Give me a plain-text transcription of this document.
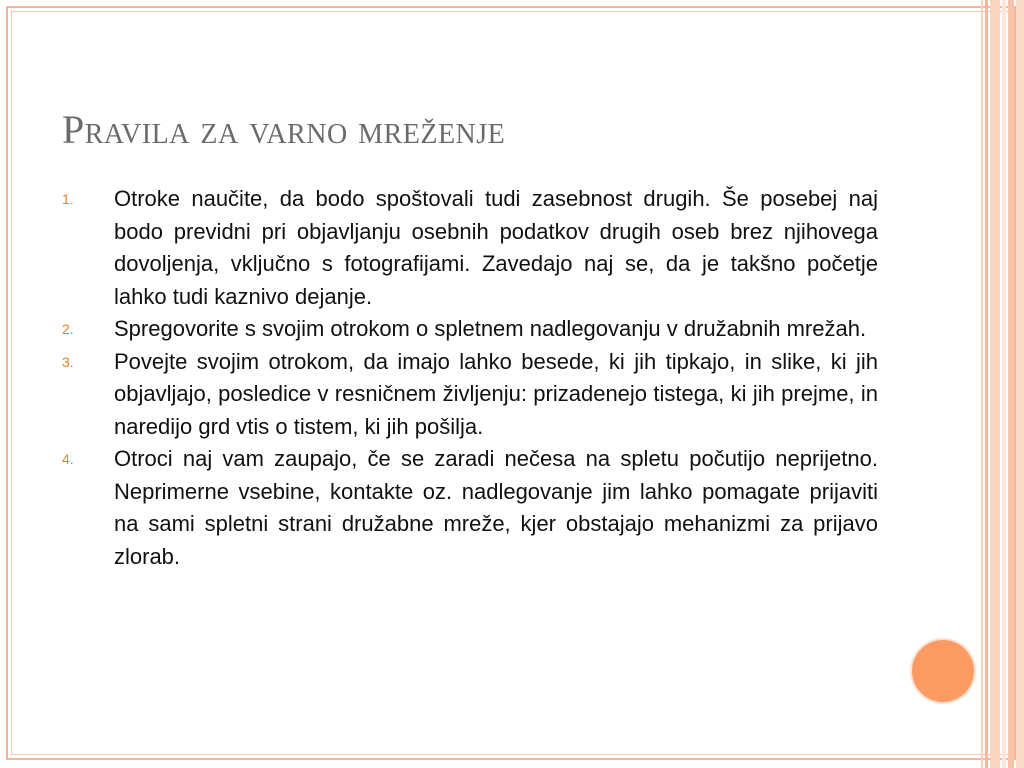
Pravila za varno mreženje
1. Otroke naučite, da bodo spoštovali tudi zasebnost drugih. Še posebej naj bodo previdni pri objavljanju osebnih podatkov drugih oseb brez njihovega dovoljenja, vključno s fotografijami. Zavedajo naj se, da je takšno početje lahko tudi kaznivo dejanje.
2. Spregovorite s svojim otrokom o spletnem nadlegovanju v družabnih mrežah.
3. Povejte svojim otrokom, da imajo lahko besede, ki jih tipkajo, in slike, ki jih objavljajo, posledice v resničnem življenju: prizadenejo tistega, ki jih prejme, in naredijo grd vtis o tistem, ki jih pošilja.
4. Otroci naj vam zaupajo, če se zaradi nečesa na spletu počutijo neprijetno. Neprimerne vsebine, kontakte oz. nadlegovanje jim lahko pomagate prijaviti na sami spletni strani družabne mreže, kjer obstajajo mehanizmi za prijavo zlorab.
